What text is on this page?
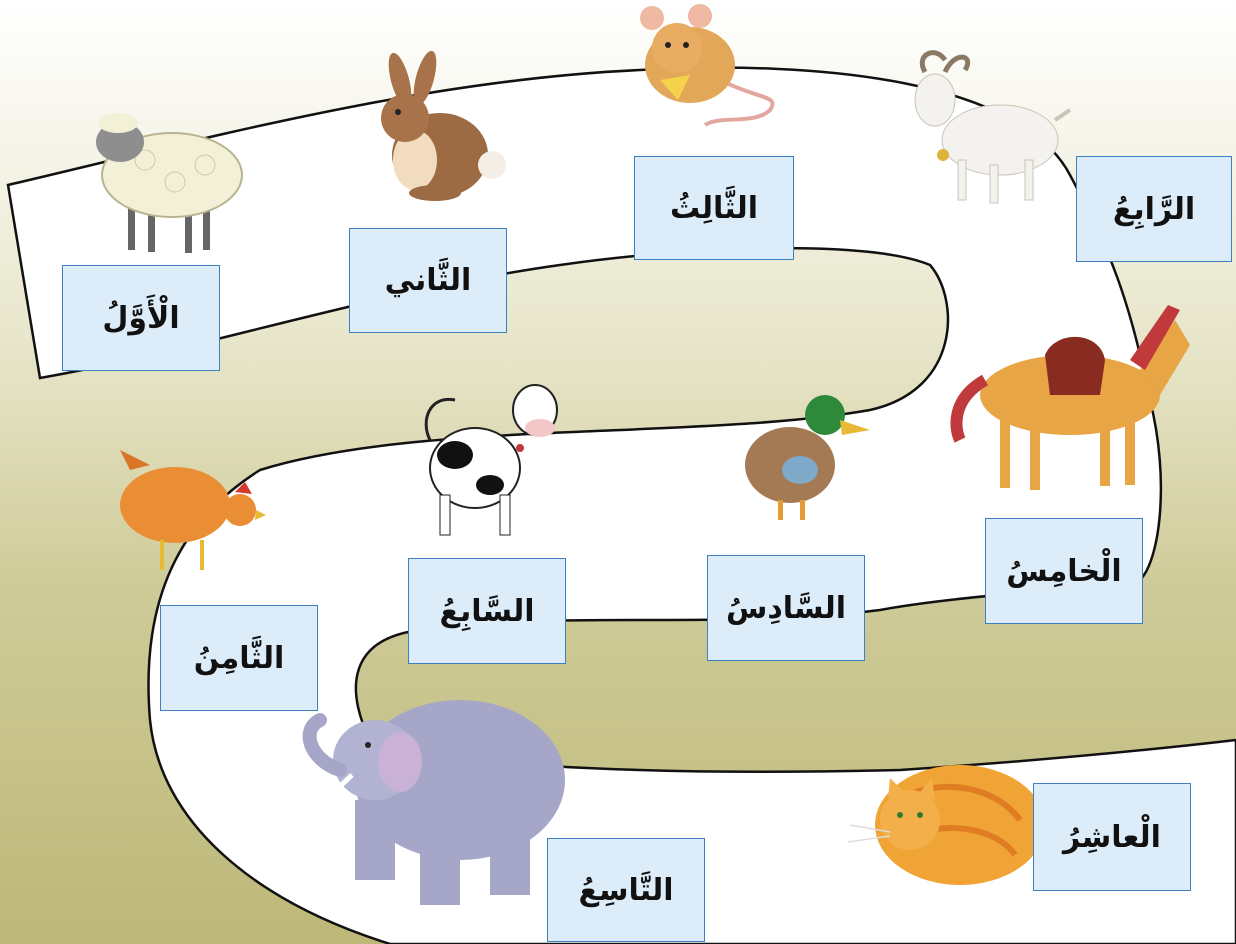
الْأَوَّلُ
الثَّاني
الثَّالِثُ	الرَّابِعُ
الْخامِسُ
السَّادِسُ
السَّابِعُ
الثَّامِنُ
التَّاسِعُ
الْعاشِرُ
